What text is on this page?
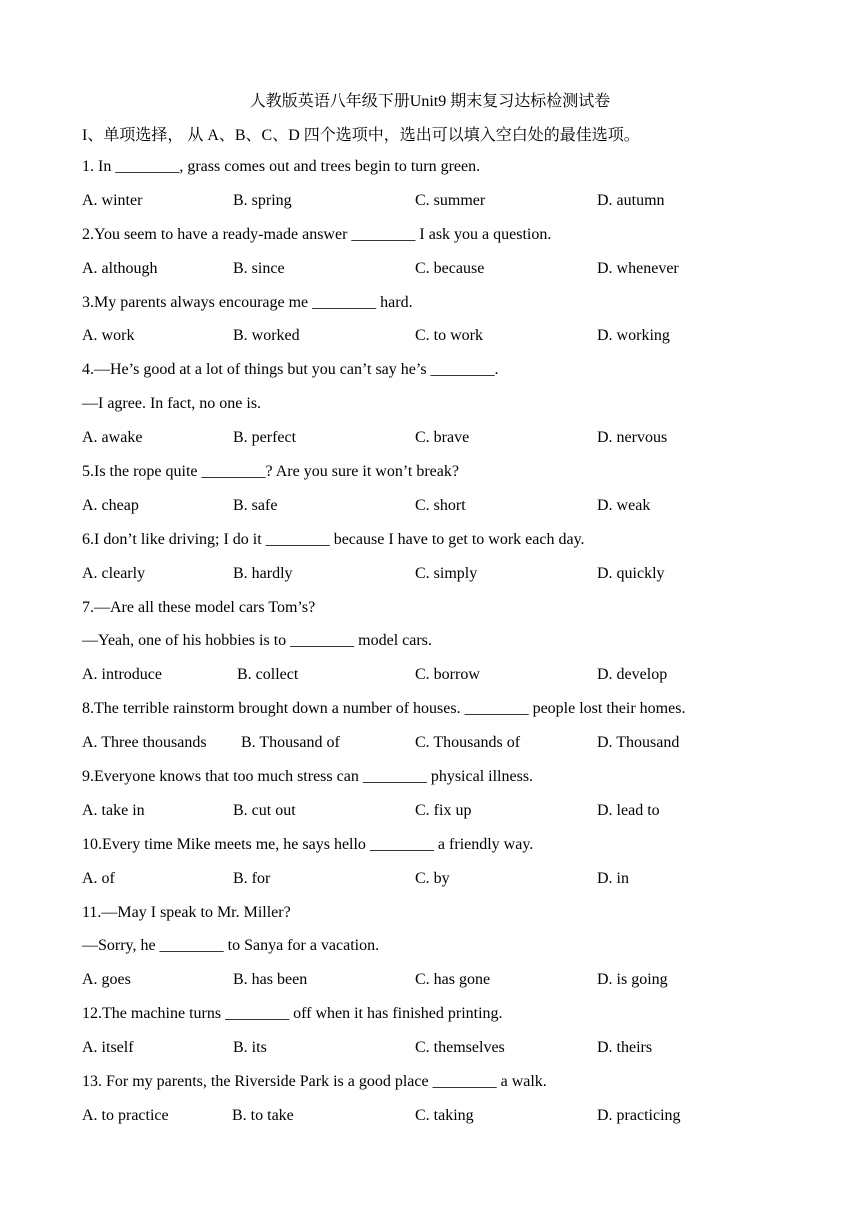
人教版英语八年级下册Unit9 期末复习达标检测试卷
I、单项选择， 从 A、B、C、D 四个选项中，选出可以填入空白处的最佳选项。
1. In ________, grass comes out and trees begin to turn green.
A. winter	B. spring	C. summer	D. autumn
2.You seem to have a ready-made answer ________ I ask you a question.
A. although	B. since	C. because	D. whenever
3.My parents always encourage me ________ hard.
A. work	B. worked	C. to work	D. working
4.—He’s good at a lot of things but you can’t say he’s ________.
—I agree. In fact, no one is.
A. awake	B. perfect	C. brave	D. nervous
5.Is the rope quite ________? Are you sure it won’t break?
A. cheap	B. safe	C. short	D. weak
6.I don’t like driving; I do it ________ because I have to get to work each day.
A. clearly	B. hardly	C. simply	D. quickly
7.—Are all these model cars Tom’s?
—Yeah, one of his hobbies is to ________ model cars.
A. introduce	B. collect	C. borrow	D. develop
8.The terrible rainstorm brought down a number of houses. ________ people lost their homes.
A. Three thousands B. Thousand of	C. Thousands of	D. Thousand
9.Everyone knows that too much stress can ________ physical illness.
A. take in	B. cut out	C. fix up	D. lead to
10.Every time Mike meets me, he says hello ________ a friendly way.
A. of	B. for	C. by	D. in
11.—May I speak to Mr. Miller?
—Sorry, he ________ to Sanya for a vacation.
A. goes	B. has been	C. has gone	D. is going
12.The machine turns ________ off when it has finished printing.
A. itself	B. its	C. themselves	D. theirs
13. For my parents, the Riverside Park is a good place ________ a walk.
A. to practice	B. to take	C. taking	D. practicing
